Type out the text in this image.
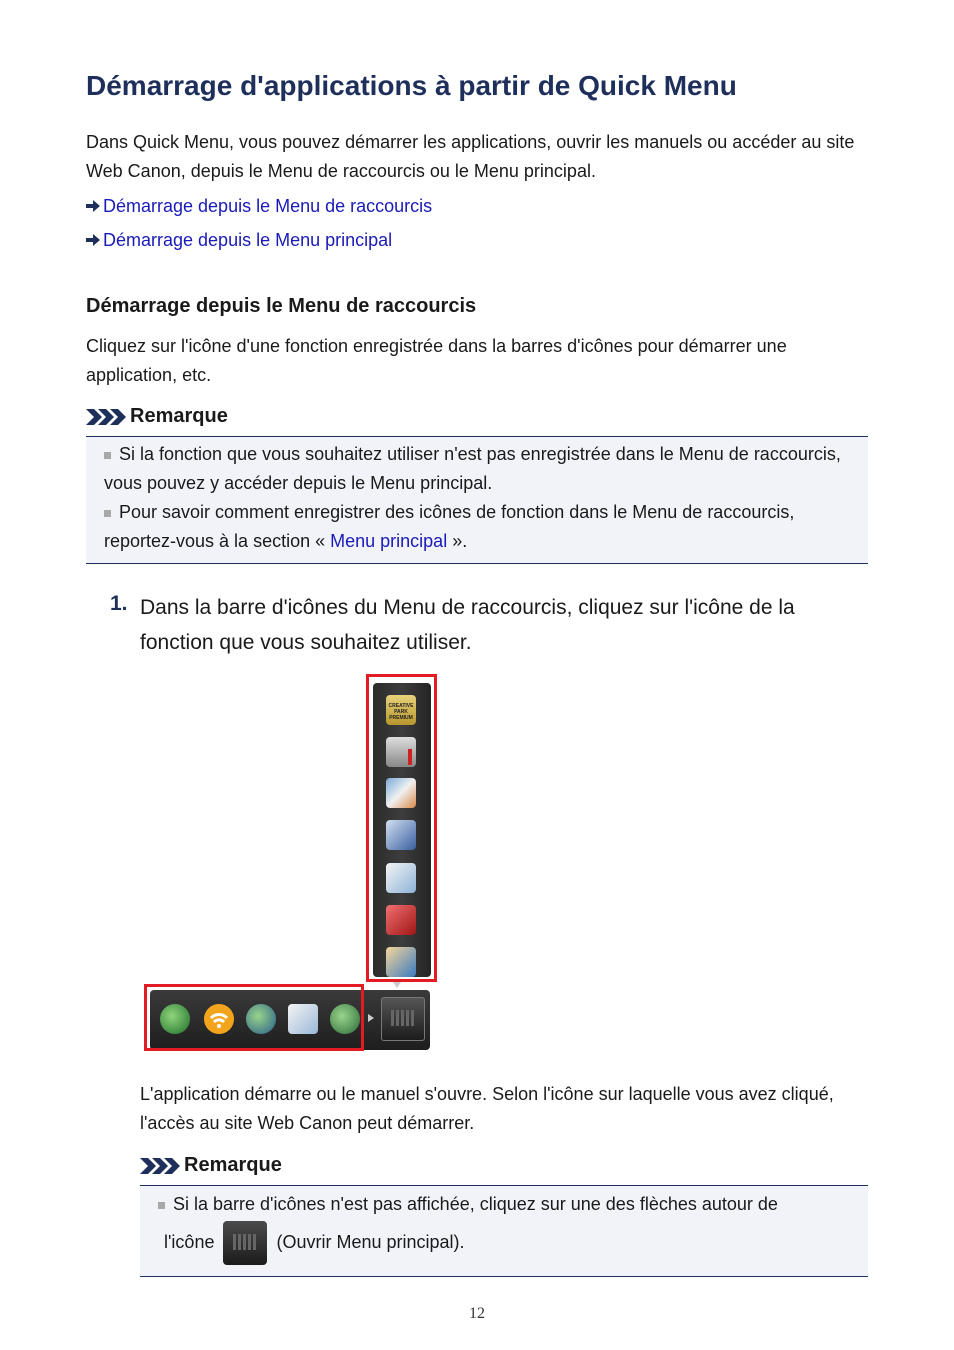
Démarrage d'applications à partir de Quick Menu
Dans Quick Menu, vous pouvez démarrer les applications, ouvrir les manuels ou accéder au site Web Canon, depuis le Menu de raccourcis ou le Menu principal.
Démarrage depuis le Menu de raccourcis
Démarrage depuis le Menu principal
Démarrage depuis le Menu de raccourcis
Cliquez sur l'icône d'une fonction enregistrée dans la barres d'icônes pour démarrer une application, etc.
Remarque
Si la fonction que vous souhaitez utiliser n'est pas enregistrée dans le Menu de raccourcis, vous pouvez y accéder depuis le Menu principal.
Pour savoir comment enregistrer des icônes de fonction dans le Menu de raccourcis, reportez-vous à la section « Menu principal ».
1. Dans la barre d'icônes du Menu de raccourcis, cliquez sur l'icône de la fonction que vous souhaitez utiliser.
CREATIVE PARK PREMIUM
L'application démarre ou le manuel s'ouvre. Selon l'icône sur laquelle vous avez cliqué, l'accès au site Web Canon peut démarrer.
Remarque
Si la barre d'icônes n'est pas affichée, cliquez sur une des flèches autour de
l'icône	(Ouvrir Menu principal).
12
